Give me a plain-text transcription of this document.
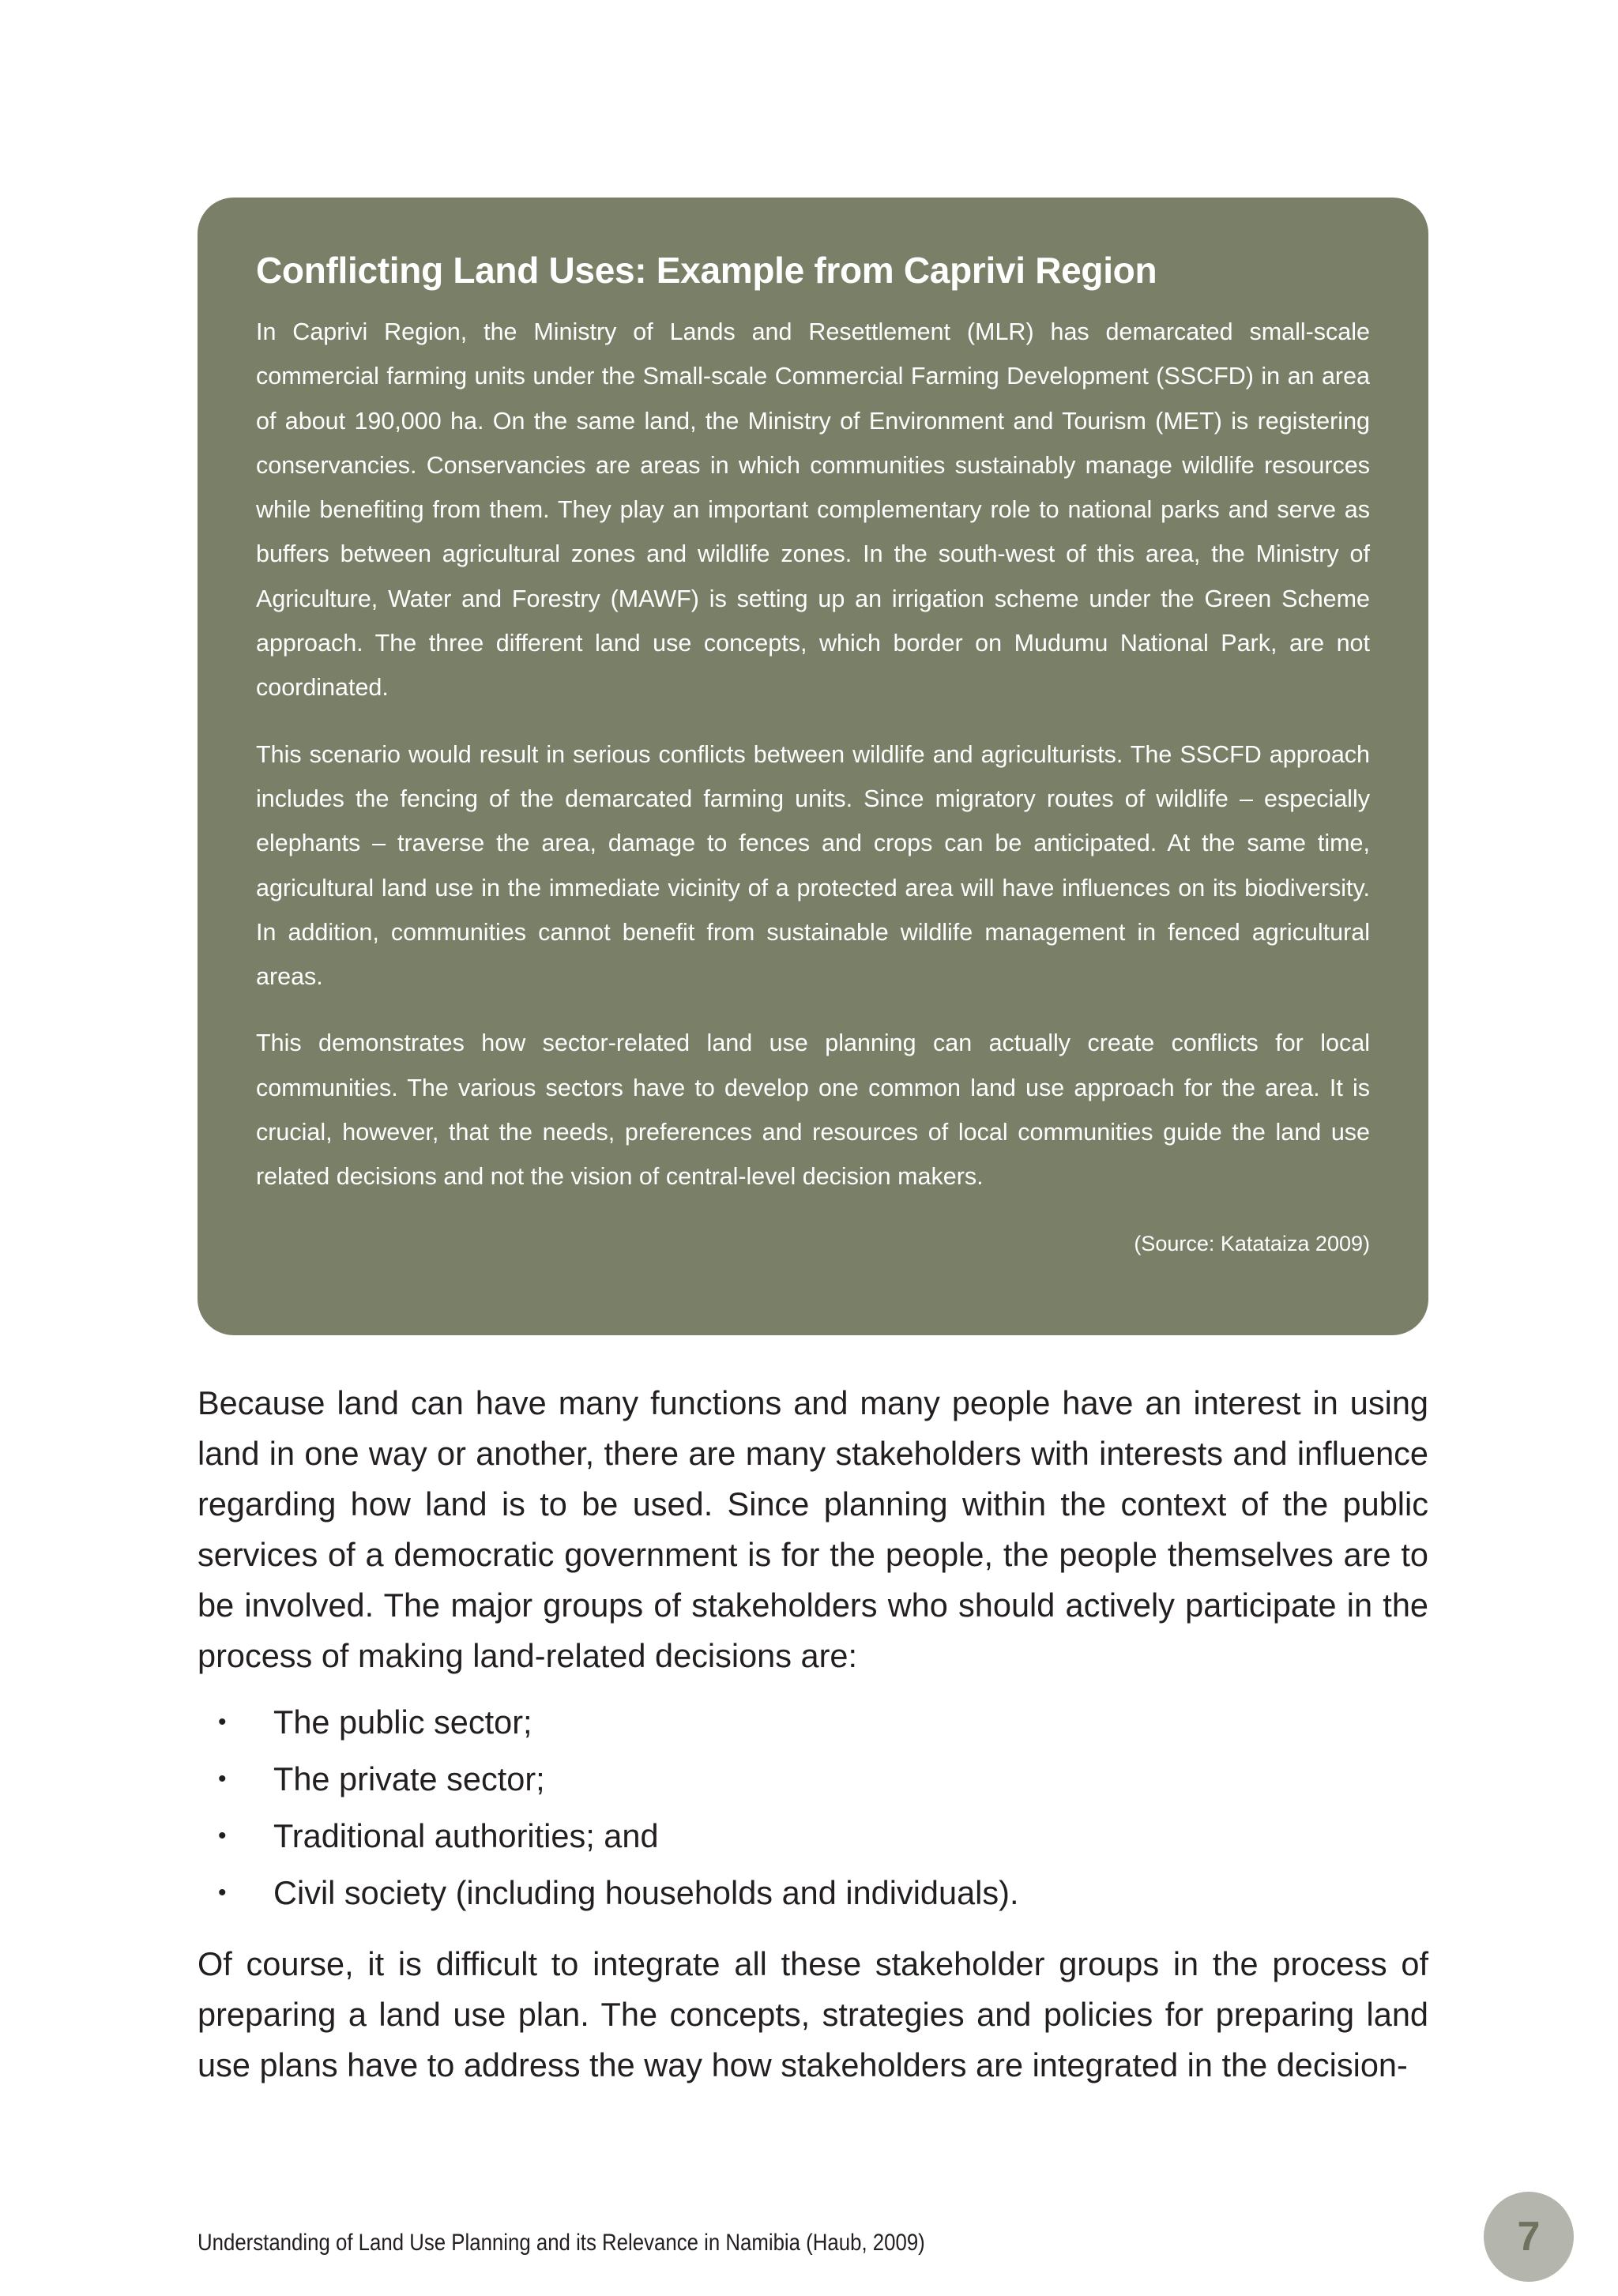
Conflicting Land Uses: Example from Caprivi Region

In Caprivi Region, the Ministry of Lands and Resettlement (MLR) has demarcated small-scale commercial farming units under the Small-scale Commercial Farming Development (SSCFD) in an area of about 190,000 ha. On the same land, the Ministry of Environment and Tourism (MET) is registering conservancies. Conservancies are areas in which communities sustainably manage wildlife resources while benefiting from them. They play an important complementary role to national parks and serve as buffers between agricultural zones and wildlife zones. In the south-west of this area, the Ministry of Agriculture, Water and Forestry (MAWF) is setting up an irrigation scheme under the Green Scheme approach. The three different land use concepts, which border on Mudumu National Park, are not coordinated.

This scenario would result in serious conflicts between wildlife and agriculturists. The SSCFD approach includes the fencing of the demarcated farming units. Since migratory routes of wildlife – especially elephants – traverse the area, damage to fences and crops can be anticipated. At the same time, agricultural land use in the immediate vicinity of a protected area will have influences on its biodiversity. In addition, communities cannot benefit from sustainable wildlife management in fenced agricultural areas.

This demonstrates how sector-related land use planning can actually create conflicts for local communities. The various sectors have to develop one common land use approach for the area. It is crucial, however, that the needs, preferences and resources of local communities guide the land use related decisions and not the vision of central-level decision makers.

(Source: Katataiza 2009)

Because land can have many functions and many people have an interest in using land in one way or another, there are many stakeholders with interests and influence regarding how land is to be used. Since planning within the context of the public services of a democratic government is for the people, the people themselves are to be involved. The major groups of stakeholders who should actively participate in the process of making land-related decisions are:

• The public sector;
• The private sector;
• Traditional authorities; and
• Civil society (including households and individuals).

Of course, it is difficult to integrate all these stakeholder groups in the process of preparing a land use plan. The concepts, strategies and policies for preparing land use plans have to address the way how stakeholders are integrated in the decision-

Understanding of Land Use Planning and its Relevance in Namibia (Haub, 2009)	7
